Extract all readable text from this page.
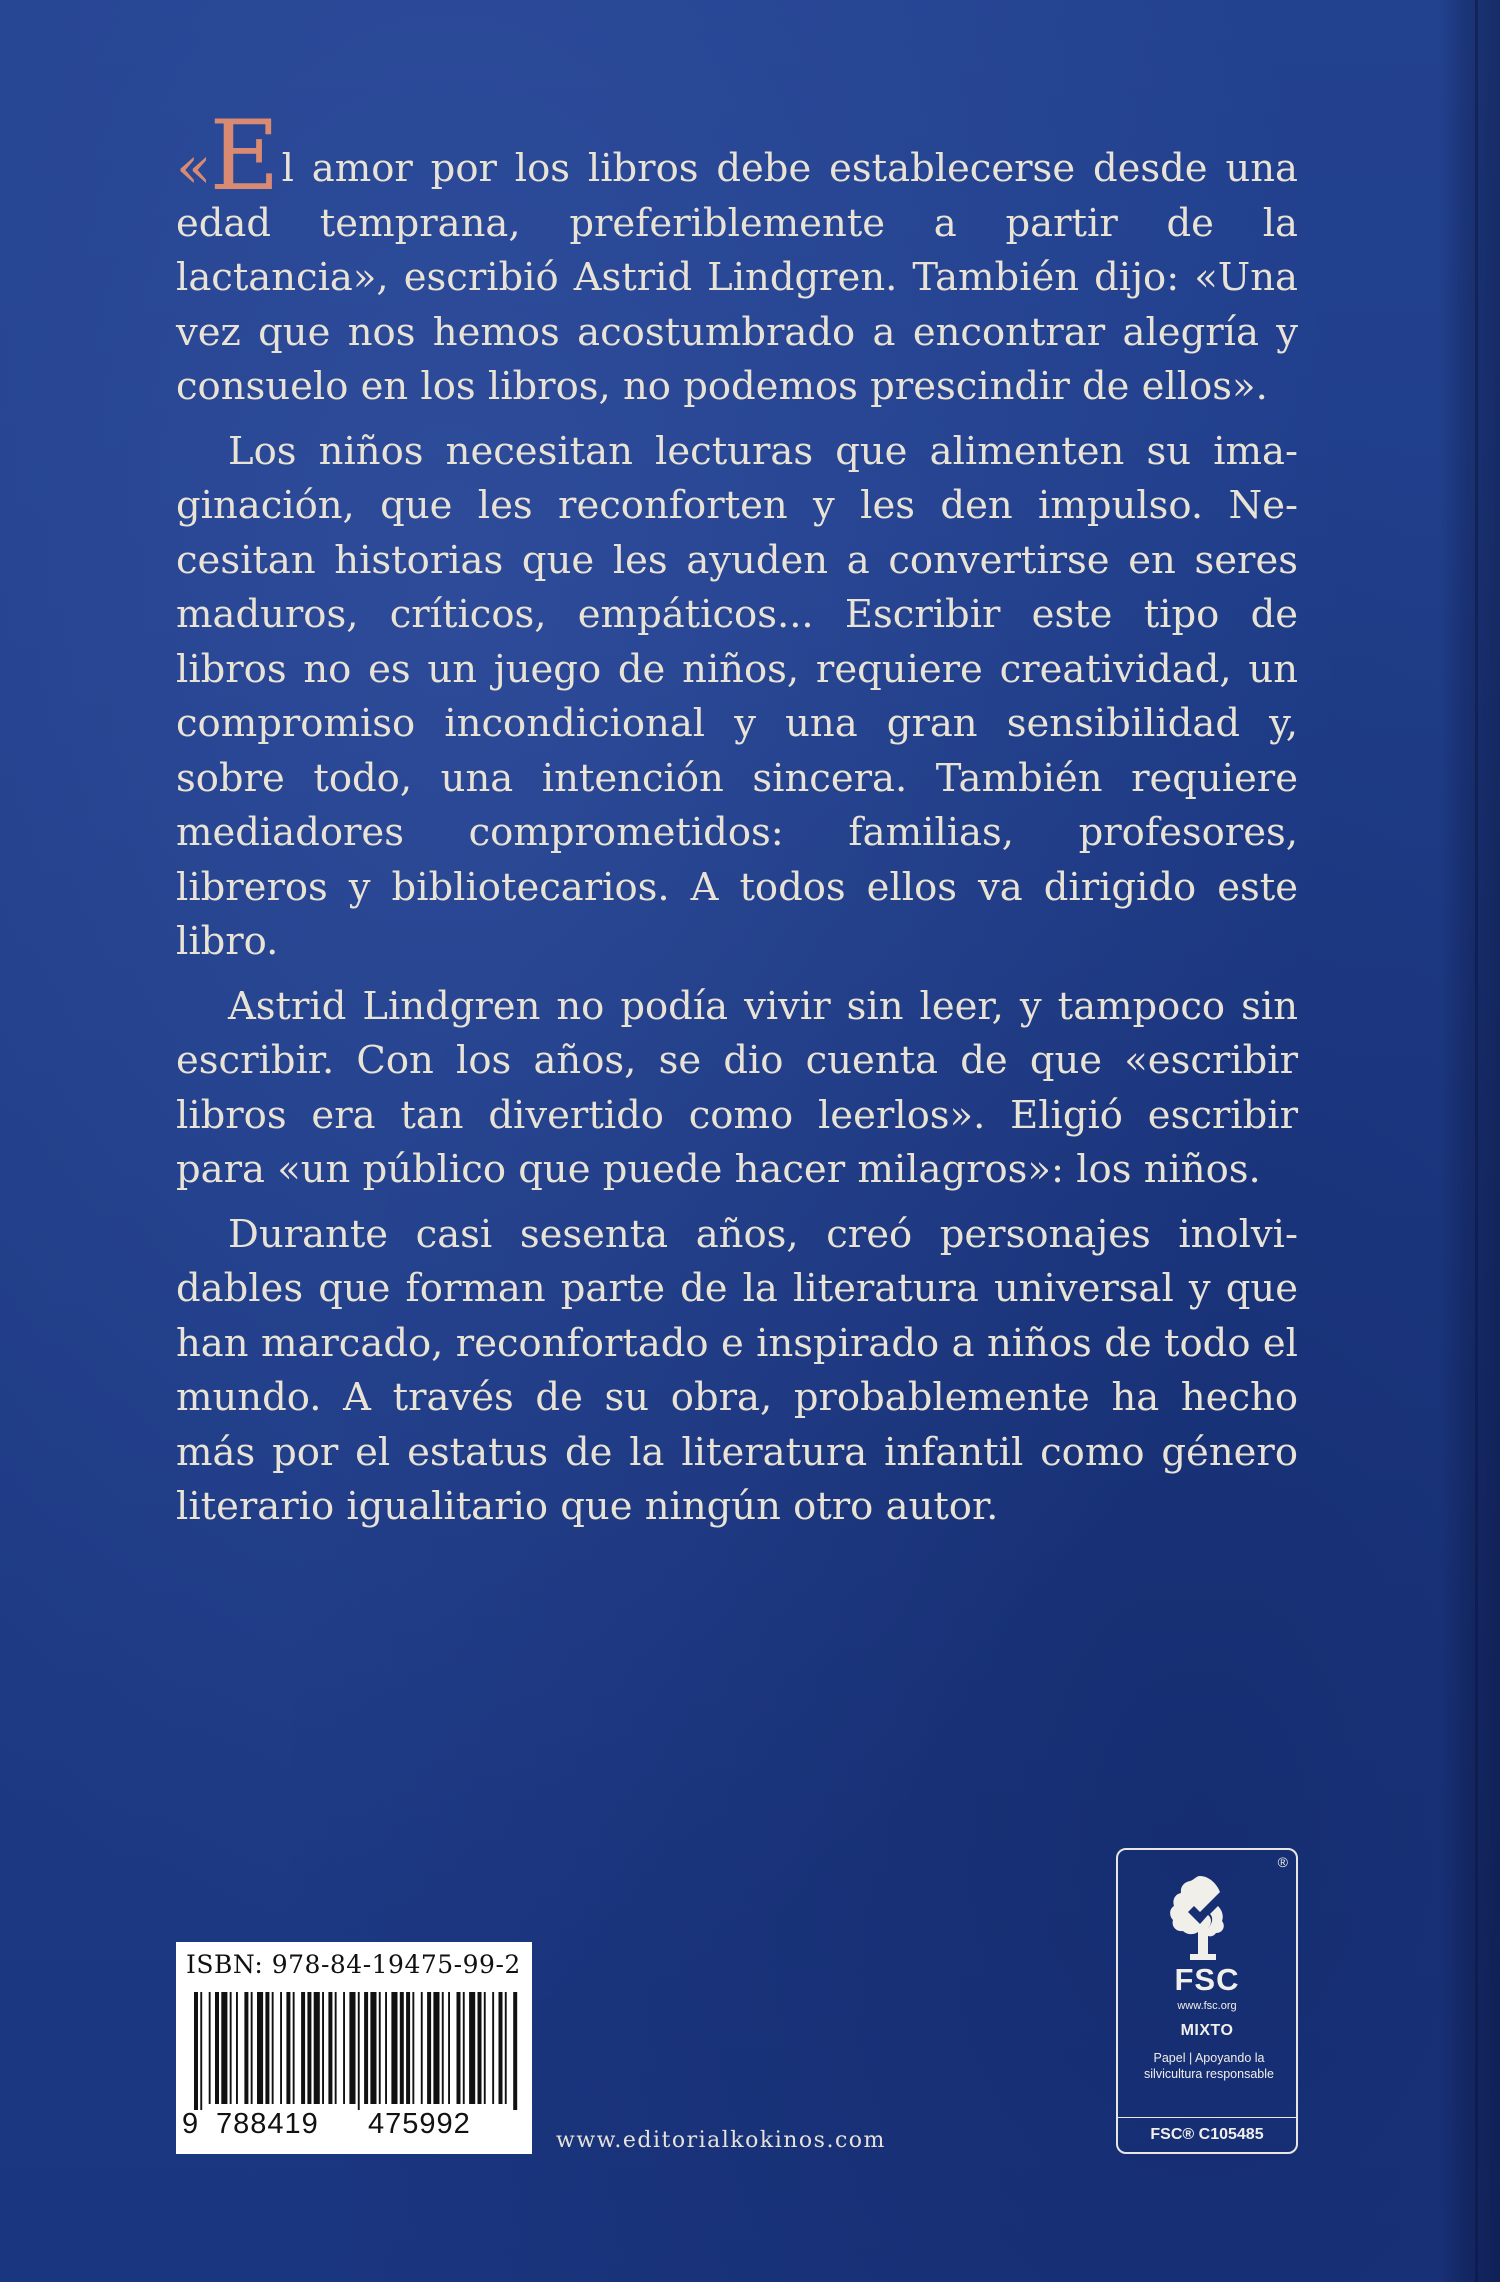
«El amor por los libros debe establecerse desde una edad temprana, preferiblemente a partir de la lactancia», escribió Astrid Lindgren. También dijo: «Una vez que nos hemos acostumbrado a encontrar alegría y consuelo en los libros, no podemos prescindir de ellos».

Los niños necesitan lecturas que alimenten su imaginación, que les reconforten y les den impulso. Necesitan historias que les ayuden a convertirse en seres maduros, críticos, empáticos... Escribir este tipo de libros no es un juego de niños, requiere creatividad, un compromiso incondicional y una gran sensibilidad y, sobre todo, una intención sincera. También requiere mediadores comprometidos: familias, profesores, libreros y bibliotecarios. A todos ellos va dirigido este libro.

Astrid Lindgren no podía vivir sin leer, y tampoco sin escribir. Con los años, se dio cuenta de que «escribir libros era tan divertido como leerlos». Eligió escribir para «un público que puede hacer milagros»: los niños.

Durante casi sesenta años, creó personajes inolvidables que forman parte de la literatura universal y que han marcado, reconfortado e inspirado a niños de todo el mundo. A través de su obra, probablemente ha hecho más por el estatus de la literatura infantil como género literario igualitario que ningún otro autor.

ISBN: 978-84-19475-99-2
9 788419 475992
www.editorialkokinos.com
®
FSC
www.fsc.org
MIXTO
Papel | Apoyando la silvicultura responsable
FSC® C105485
